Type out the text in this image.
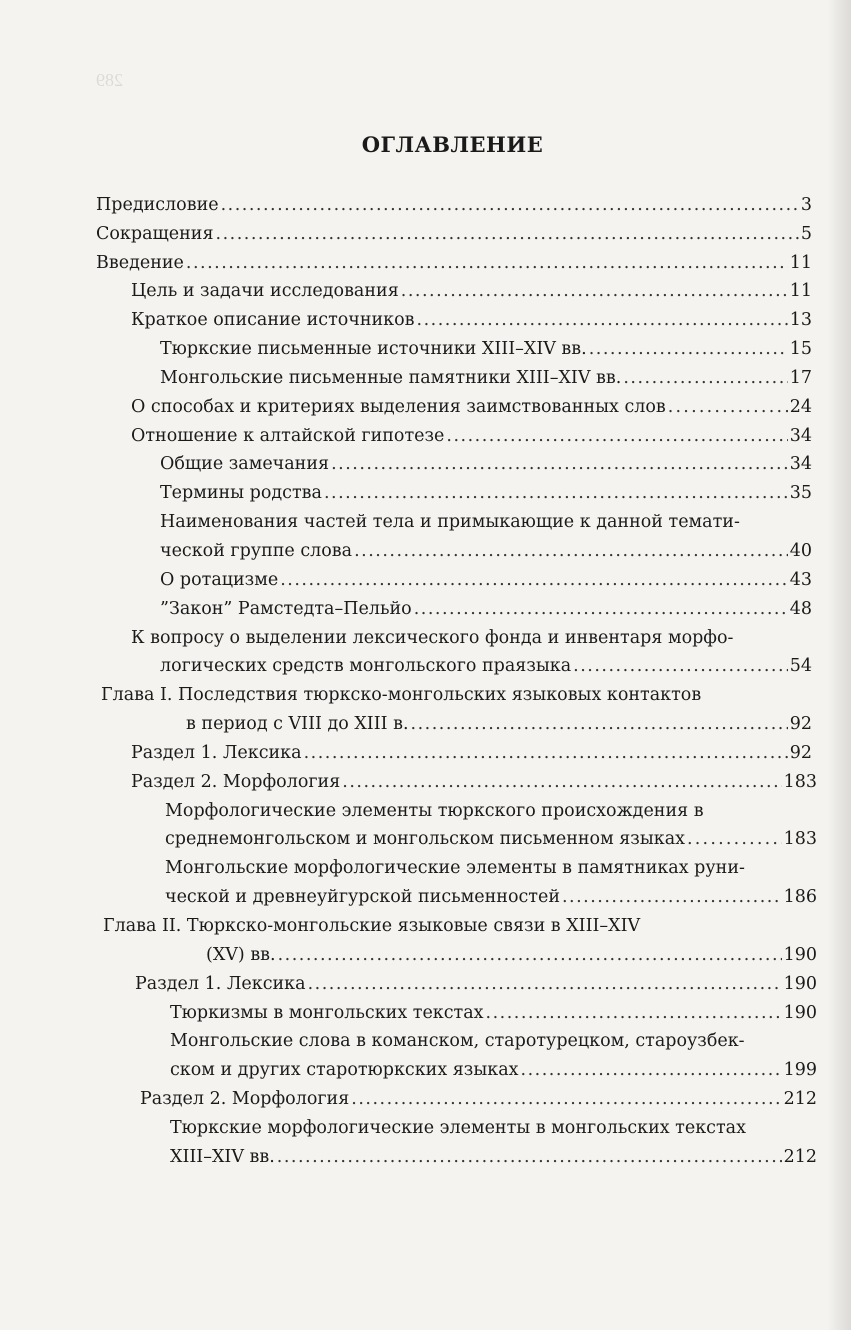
289
ОГЛАВЛЕНИЕ
Предисловие .....	3
Сокращения .....	5
Введение .....	11
Цель и задачи исследования .....	11
Краткое описание источников .....	13
Тюркские письменные источники XIII–XIV вв. .....	15
Монгольские письменные памятники XIII–XIV вв. .....	17
О способах и критериях выделения заимствованных слов .....	24
Отношение к алтайской гипотезе .....	34
Общие замечания .....	34
Термины родства .....	35
Наименования частей тела и примыкающие к данной темати-
ческой группе слова .....	40
О ротацизме .....	43
”Закон” Рамстедта–Пельйо .....	48
К вопросу о выделении лексического фонда и инвентаря морфо-
логических средств монгольского праязыка .....	54
Глава I. Последствия тюркско-монгольских языковых контактов
в период с VIII до XIII в. .....	92
Раздел 1. Лексика .....	92
Раздел 2. Морфология .....	183
Морфологические элементы тюркского происхождения в
среднемонгольском и монгольском письменном языках .....	183
Монгольские морфологические элементы в памятниках руни-
ческой и древнеуйгурской письменностей .....	186
Глава II. Тюркско-монгольские языковые связи в XIII–XIV
(XV) вв. .....	190
Раздел 1. Лексика .....	190
Тюркизмы в монгольских текстах .....	190
Монгольские слова в команском, старотурецком, староузбек-
ском и других старотюркских языках .....	199
Раздел 2. Морфология .....	212
Тюркские морфологические элементы в монгольских текстах
XIII–XIV вв. .....	212
